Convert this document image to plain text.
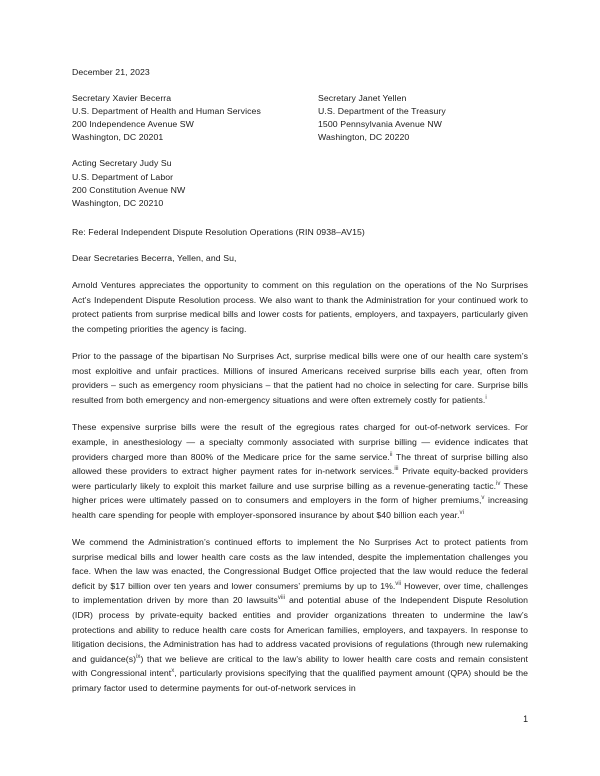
December 21, 2023
Secretary Xavier Becerra
U.S. Department of Health and Human Services
200 Independence Avenue SW
Washington, DC 20201
Secretary Janet Yellen
U.S. Department of the Treasury
1500 Pennsylvania Avenue NW
Washington, DC 20220
Acting Secretary Judy Su
U.S. Department of Labor
200 Constitution Avenue NW
Washington, DC 20210
Re: Federal Independent Dispute Resolution Operations (RIN 0938–AV15)
Dear Secretaries Becerra, Yellen, and Su,

Arnold Ventures appreciates the opportunity to comment on this regulation on the operations of the No Surprises Act’s Independent Dispute Resolution process. We also want to thank the Administration for your continued work to protect patients from surprise medical bills and lower costs for patients, employers, and taxpayers, particularly given the competing priorities the agency is facing.

Prior to the passage of the bipartisan No Surprises Act, surprise medical bills were one of our health care system’s most exploitive and unfair practices. Millions of insured Americans received surprise bills each year, often from providers – such as emergency room physicians – that the patient had no choice in selecting for care. Surprise bills resulted from both emergency and non-emergency situations and were often extremely costly for patients.$^i$

These expensive surprise bills were the result of the egregious rates charged for out-of-network services. For example, in anesthesiology — a specialty commonly associated with surprise billing — evidence indicates that providers charged more than 800% of the Medicare price for the same service.$^{ii}$ The threat of surprise billing also allowed these providers to extract higher payment rates for in-network services.$^{iii}$ Private equity-backed providers were particularly likely to exploit this market failure and use surprise billing as a revenue-generating tactic.$^{iv}$ These higher prices were ultimately passed on to consumers and employers in the form of higher premiums,$^v$ increasing health care spending for people with employer-sponsored insurance by about $40 billion each year.$^{vi}$

We commend the Administration’s continued efforts to implement the No Surprises Act to protect patients from surprise medical bills and lower health care costs as the law intended, despite the implementation challenges you face. When the law was enacted, the Congressional Budget Office projected that the law would reduce the federal deficit by $17 billion over ten years and lower consumers’ premiums by up to 1%.$^{vii}$ However, over time, challenges to implementation driven by more than 20 lawsuits$^{viii}$ and potential abuse of the Independent Dispute Resolution (IDR) process by private-equity backed entities and provider organizations threaten to undermine the law’s protections and ability to reduce health care costs for American families, employers, and taxpayers. In response to litigation decisions, the Administration has had to address vacated provisions of regulations (through new rulemaking and guidance(s)$^{ix}$) that we believe are critical to the law’s ability to lower health care costs and remain consistent with Congressional intent$^x$, particularly provisions specifying that the qualified payment amount (QPA) should be the primary factor used to determine payments for out-of-network services in

1
